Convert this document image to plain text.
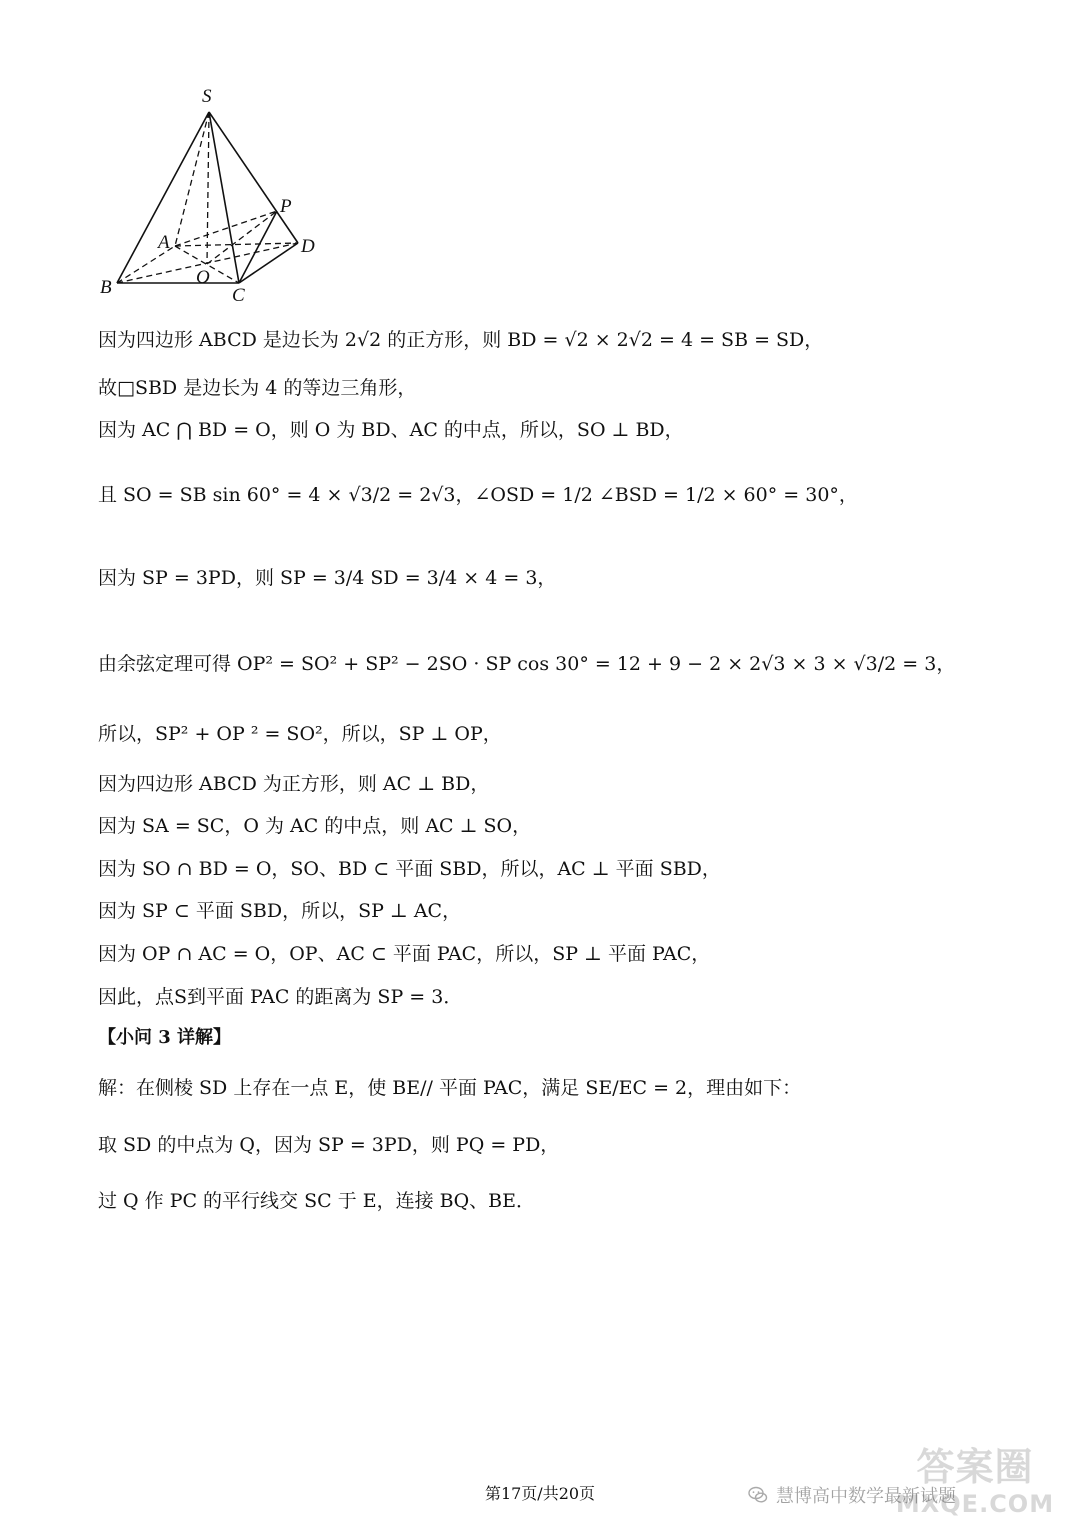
S
P
A	D
O
B	C
因为四边形 ABCD 是边长为 2√2 的正方形，则 BD = √2 × 2√2 = 4 = SB = SD，
故□SBD 是边长为 4 的等边三角形，
因为 AC ⋂ BD = O，则 O 为 BD、AC 的中点，所以，SO ⊥ BD，
且 SO = SB sin 60° = 4 × √3/2 = 2√3，∠OSD = 1/2 ∠BSD = 1/2 × 60° = 30°，
因为 SP = 3PD，则 SP = 3/4 SD = 3/4 × 4 = 3，
由余弦定理可得 OP² = SO² + SP² − 2SO · SP cos 30° = 12 + 9 − 2 × 2√3 × 3 × √3/2 = 3，
所以，SP² + OP ² = SO²，所以，SP ⊥ OP，
因为四边形 ABCD 为正方形，则 AC ⊥ BD，
因为 SA = SC，O 为 AC 的中点，则 AC ⊥ SO，
因为 SO ∩ BD = O，SO、BD ⊂ 平面 SBD，所以，AC ⊥ 平面 SBD，
因为 SP ⊂ 平面 SBD，所以，SP ⊥ AC，
因为 OP ∩ AC = O，OP、AC ⊂ 平面 PAC，所以，SP ⊥ 平面 PAC，
因此，点S到平面 PAC 的距离为 SP = 3．
【小问 3 详解】
解：在侧棱 SD 上存在一点 E，使 BE// 平面 PAC，满足 SE/EC = 2，理由如下：
取 SD 的中点为 Q，因为 SP = 3PD，则 PQ = PD，
过 Q 作 PC 的平行线交 SC 于 E，连接 BQ、BE．
答案圈
MXQE.COM
慧博高中数学最新试题
第17页/共20页
